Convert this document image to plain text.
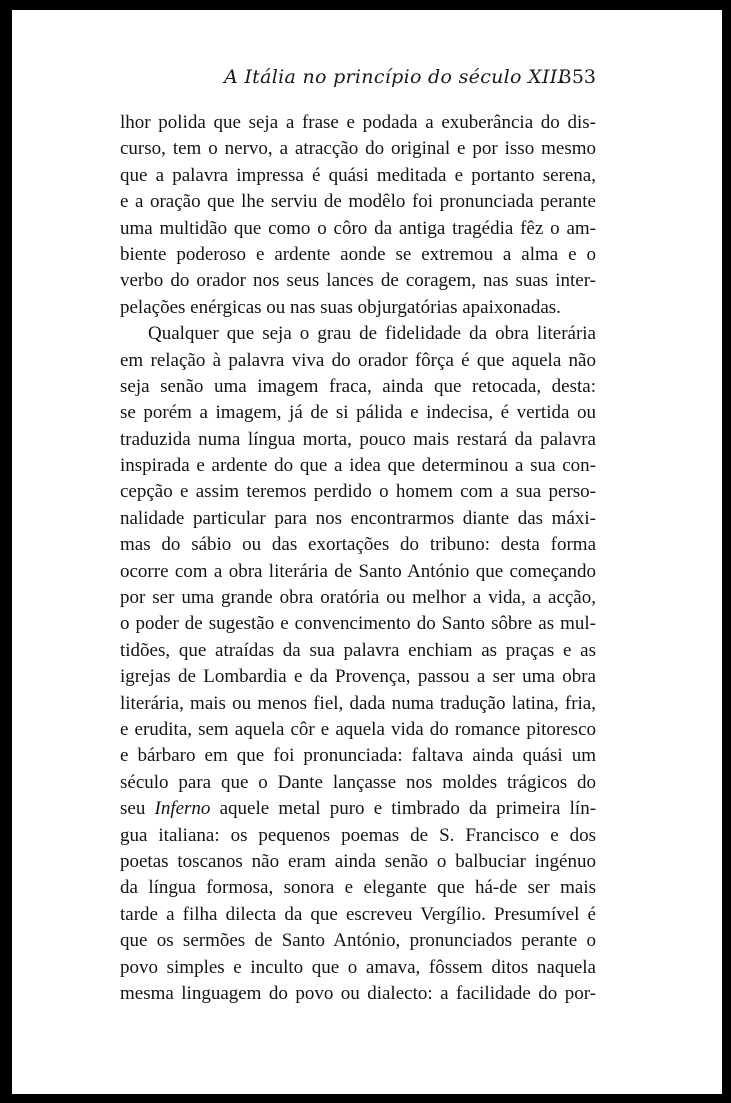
A Itália no princípio do século XIII
353
lhor polida que seja a frase e podada a exuberância do dis-
curso, tem o nervo, a atracção do original e por isso mesmo
que a palavra impressa é quási meditada e portanto serena,
e a oração que lhe serviu de modêlo foi pronunciada perante
uma multidão que como o côro da antiga tragédia fêz o am-
biente poderoso e ardente aonde se extremou a alma e o
verbo do orador nos seus lances de coragem, nas suas inter-
pelações enérgicas ou nas suas objurgatórias apaixonadas.
Qualquer que seja o grau de fidelidade da obra literária
em relação à palavra viva do orador fôrça é que aquela não
seja senão uma imagem fraca, ainda que retocada, desta:
se porém a imagem, já de si pálida e indecisa, é vertida ou
traduzida numa língua morta, pouco mais restará da palavra
inspirada e ardente do que a idea que determinou a sua con-
cepção e assim teremos perdido o homem com a sua perso-
nalidade particular para nos encontrarmos diante das máxi-
mas do sábio ou das exortações do tribuno: desta forma
ocorre com a obra literária de Santo António que começando
por ser uma grande obra oratória ou melhor a vida, a acção,
o poder de sugestão e convencimento do Santo sôbre as mul-
tidões, que atraídas da sua palavra enchiam as praças e as
igrejas de Lombardia e da Provença, passou a ser uma obra
literária, mais ou menos fiel, dada numa tradução latina, fria,
e erudita, sem aquela côr e aquela vida do romance pitoresco
e bárbaro em que foi pronunciada: faltava ainda quási um
século para que o Dante lançasse nos moldes trágicos do
seu Inferno aquele metal puro e timbrado da primeira lín-
gua italiana: os pequenos poemas de S. Francisco e dos
poetas toscanos não eram ainda senão o balbuciar ingénuo
da língua formosa, sonora e elegante que há-de ser mais
tarde a filha dilecta da que escreveu Vergílio. Presumível é
que os sermões de Santo António, pronunciados perante o
povo simples e inculto que o amava, fôssem ditos naquela
mesma linguagem do povo ou dialecto: a facilidade do por-
